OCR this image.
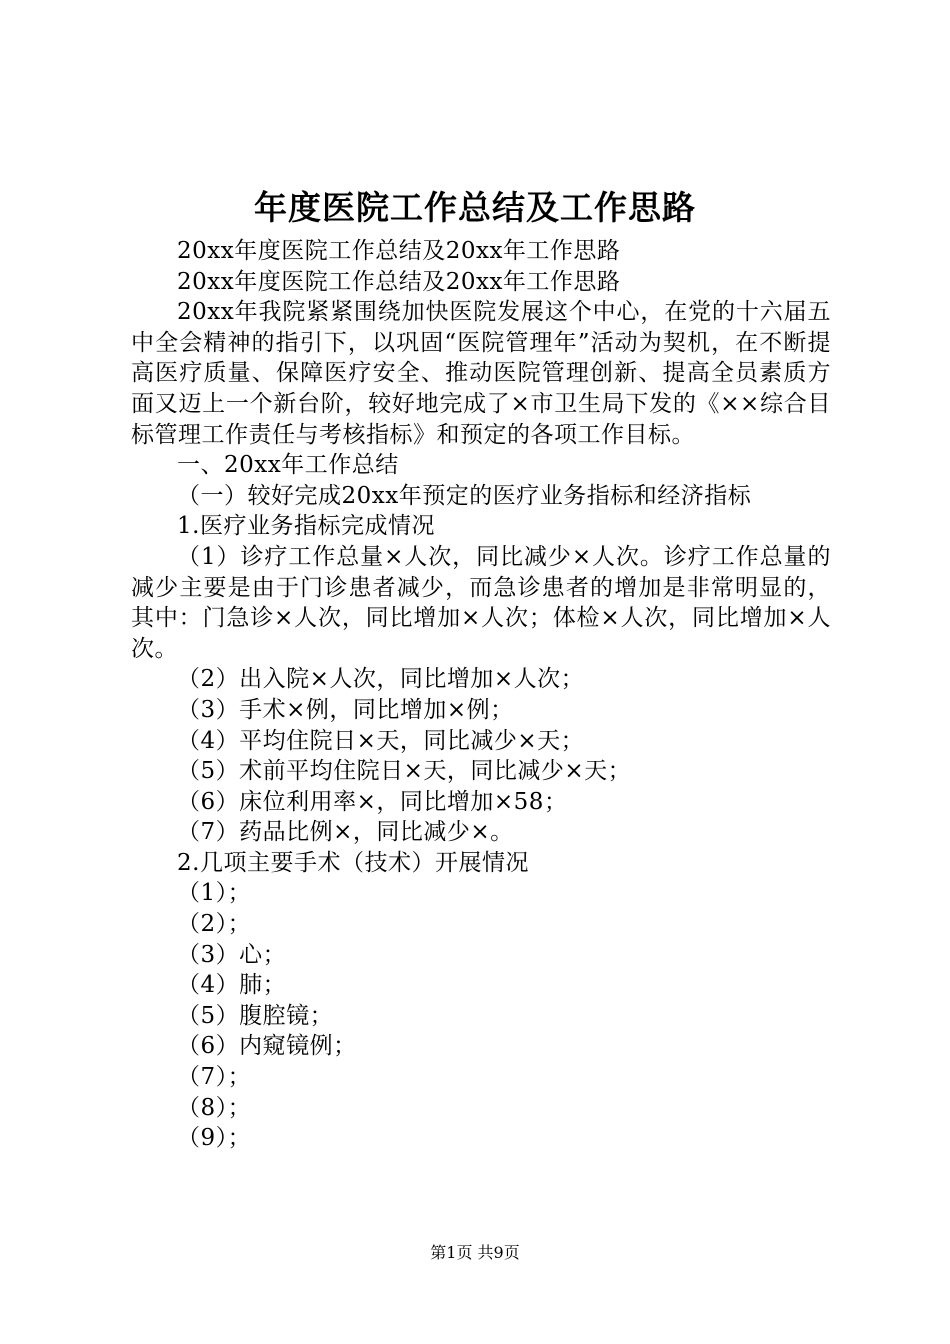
年度医院工作总结及工作思路

20xx年度医院工作总结及20xx年工作思路

20xx年度医院工作总结及20xx年工作思路

20xx年我院紧紧围绕加快医院发展这个中心，在党的十六届五中全会精神的指引下，以巩固“医院管理年”活动为契机，在不断提高医疗质量、保障医疗安全、推动医院管理创新、提高全员素质方面又迈上一个新台阶，较好地完成了×市卫生局下发的《××综合目标管理工作责任与考核指标》和预定的各项工作目标。

一、20xx年工作总结

（一）较好完成20xx年预定的医疗业务指标和经济指标

1.医疗业务指标完成情况

（1）诊疗工作总量×人次，同比减少×人次。诊疗工作总量的减少主要是由于门诊患者减少，而急诊患者的增加是非常明显的，其中：门急诊×人次，同比增加×人次；体检×人次，同比增加×人次。

（2）出入院×人次，同比增加×人次；

（3）手术×例，同比增加×例；

（4）平均住院日×天，同比减少×天；

（5）术前平均住院日×天，同比减少×天；

（6）床位利用率×，同比增加×58；

（7）药品比例×，同比减少×。

2.几项主要手术（技术）开展情况

（1）；

（2）；

（3）心；

（4）肺；

（5）腹腔镜；

（6）内窥镜例；

（7）；

（8）；

（9）；

第1页 共9页
